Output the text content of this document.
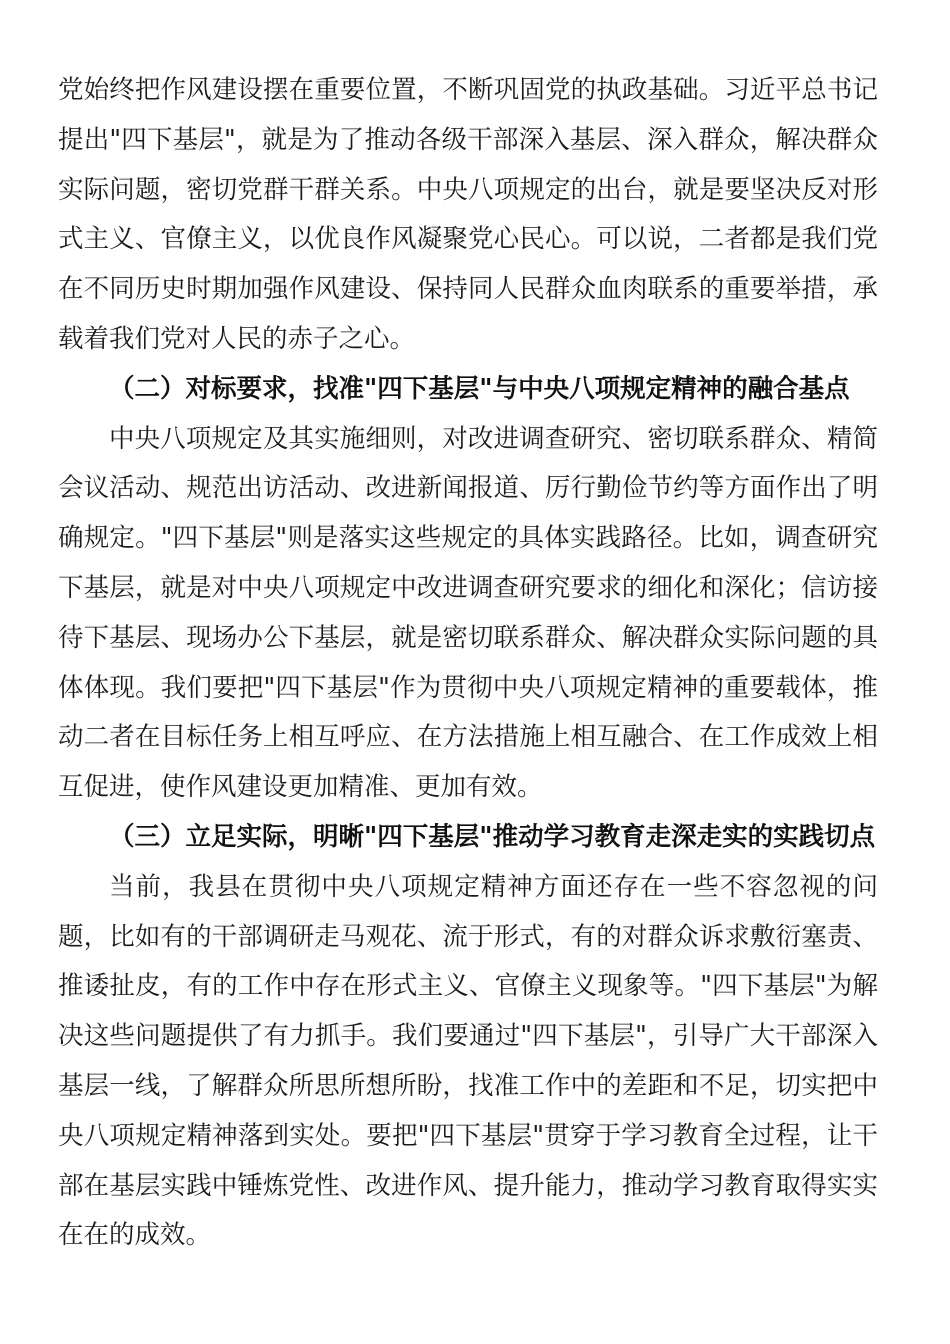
党始终把作风建设摆在重要位置，不断巩固党的执政基础。习近平总书记提出"四下基层"，就是为了推动各级干部深入基层、深入群众，解决群众实际问题，密切党群干群关系。中央八项规定的出台，就是要坚决反对形式主义、官僚主义，以优良作风凝聚党心民心。可以说，二者都是我们党在不同历史时期加强作风建设、保持同人民群众血肉联系的重要举措，承载着我们党对人民的赤子之心。

（二）对标要求，找准"四下基层"与中央八项规定精神的融合基点

中央八项规定及其实施细则，对改进调查研究、密切联系群众、精简会议活动、规范出访活动、改进新闻报道、厉行勤俭节约等方面作出了明确规定。"四下基层"则是落实这些规定的具体实践路径。比如，调查研究下基层，就是对中央八项规定中改进调查研究要求的细化和深化；信访接待下基层、现场办公下基层，就是密切联系群众、解决群众实际问题的具体体现。我们要把"四下基层"作为贯彻中央八项规定精神的重要载体，推动二者在目标任务上相互呼应、在方法措施上相互融合、在工作成效上相互促进，使作风建设更加精准、更加有效。

（三）立足实际，明晰"四下基层"推动学习教育走深走实的实践切点

当前，我县在贯彻中央八项规定精神方面还存在一些不容忽视的问题，比如有的干部调研走马观花、流于形式，有的对群众诉求敷衍塞责、推诿扯皮，有的工作中存在形式主义、官僚主义现象等。"四下基层"为解决这些问题提供了有力抓手。我们要通过"四下基层"，引导广大干部深入基层一线，了解群众所思所想所盼，找准工作中的差距和不足，切实把中央八项规定精神落到实处。要把"四下基层"贯穿于学习教育全过程，让干部在基层实践中锤炼党性、改进作风、提升能力，推动学习教育取得实实在在的成效。
